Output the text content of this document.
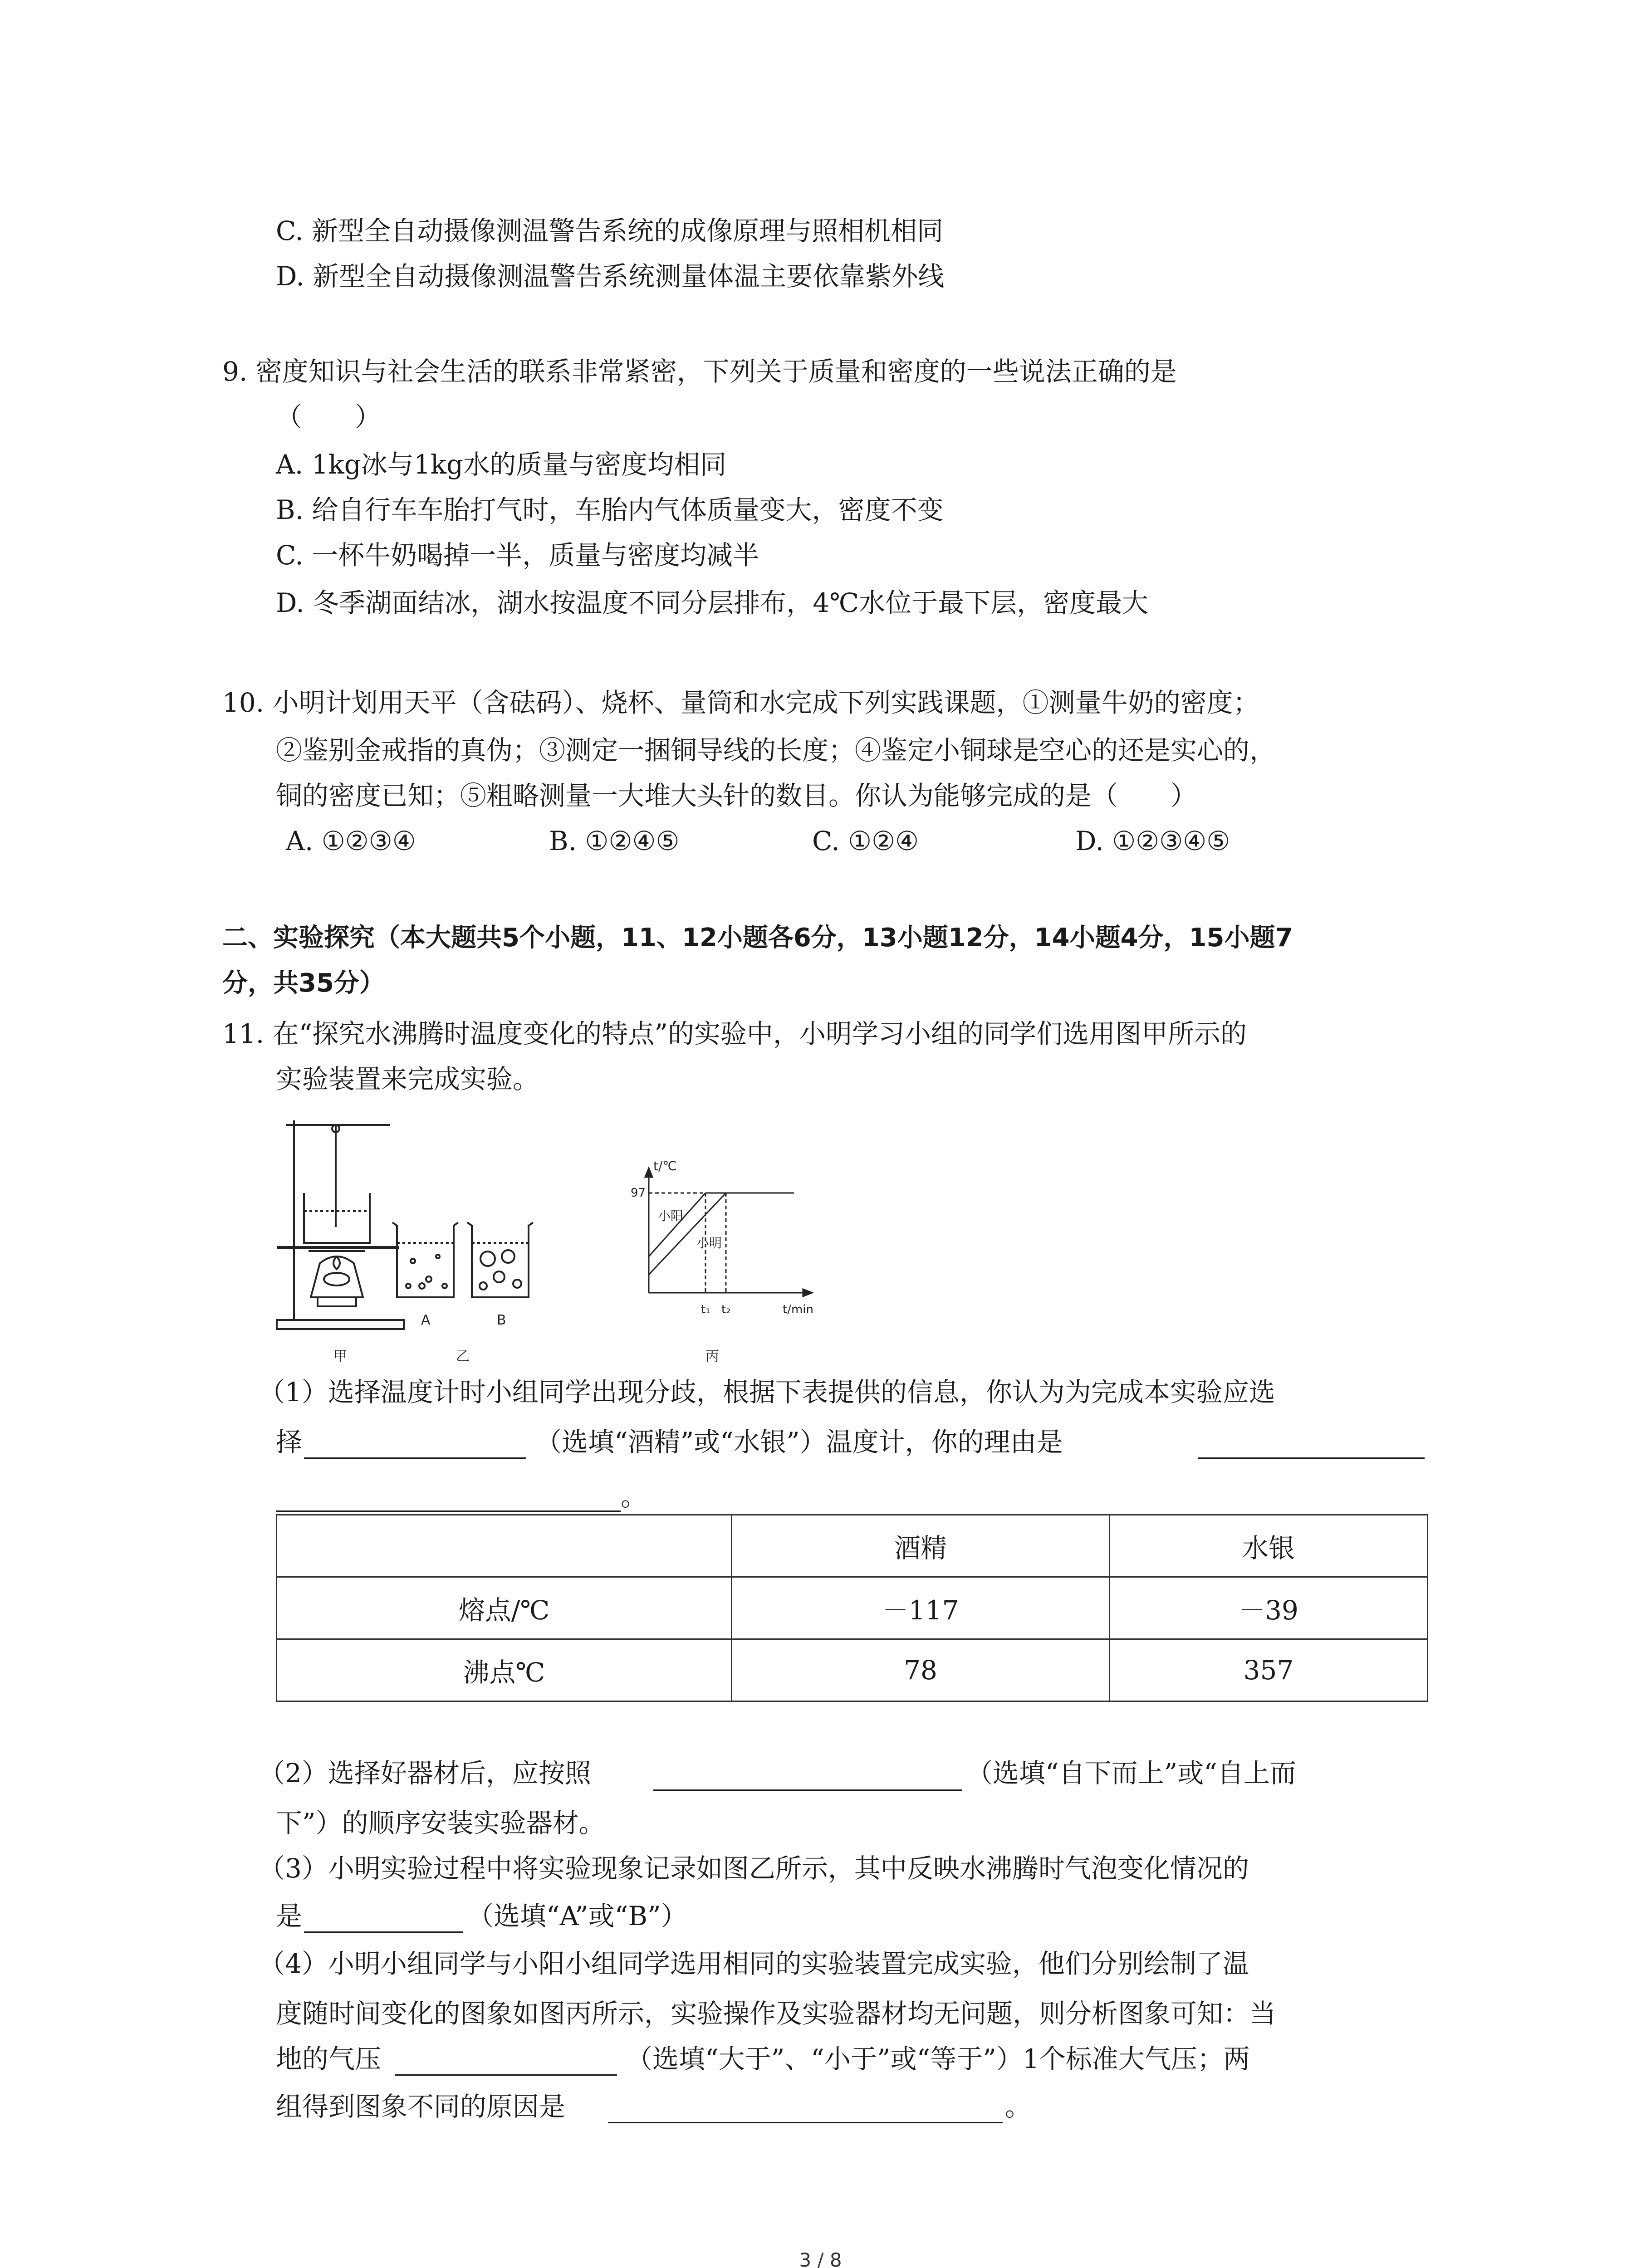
C. 新型全自动摄像测温警告系统的成像原理与照相机相同
D. 新型全自动摄像测温警告系统测量体温主要依靠紫外线
9. 密度知识与社会生活的联系非常紧密，下列关于质量和密度的一些说法正确的是
（　　）
A. 1kg冰与1kg水的质量与密度均相同
B. 给自行车车胎打气时，车胎内气体质量变大，密度不变
C. 一杯牛奶喝掉一半，质量与密度均减半
D. 冬季湖面结冰，湖水按温度不同分层排布，4℃水位于最下层，密度最大
10. 小明计划用天平（含砝码）、烧杯、量筒和水完成下列实践课题，①测量牛奶的密度；
②鉴别金戒指的真伪；③测定一捆铜导线的长度；④鉴定小铜球是空心的还是实心的，
铜的密度已知；⑤粗略测量一大堆大头针的数目。你认为能够完成的是（　　）
A. ①②③④	B. ①②④⑤	C. ①②④	D. ①②③④⑤
二、实验探究（本大题共5个小题，11、12小题各6分，13小题12分，14小题4分，15小题7
分，共35分）
11. 在“探究水沸腾时温度变化的特点”的实验中，小明学习小组的同学们选用图甲所示的
实验装置来完成实验。
t/℃
97
小阳
小明
t₁ t₂	t/min
甲
A
乙
B
丙
（1）选择温度计时小组同学出现分歧，根据下表提供的信息，你认为为完成本实验应选
择	（选填“酒精”或“水银”）温度计，你的理由是
。
	酒精	水银
熔点/℃	－117	－39
沸点℃	78	357
（2）选择好器材后，应按照	（选填“自下而上”或“自上而
下”）的顺序安装实验器材。
（3）小明实验过程中将实验现象记录如图乙所示，其中反映水沸腾时气泡变化情况的
是	（选填“A”或“B”）
（4）小明小组同学与小阳小组同学选用相同的实验装置完成实验，他们分别绘制了温
度随时间变化的图象如图丙所示，实验操作及实验器材均无问题，则分析图象可知：当
地的气压	（选填“大于”、“小于”或“等于”）1个标准大气压；两
组得到图象不同的原因是	。
3 / 8
